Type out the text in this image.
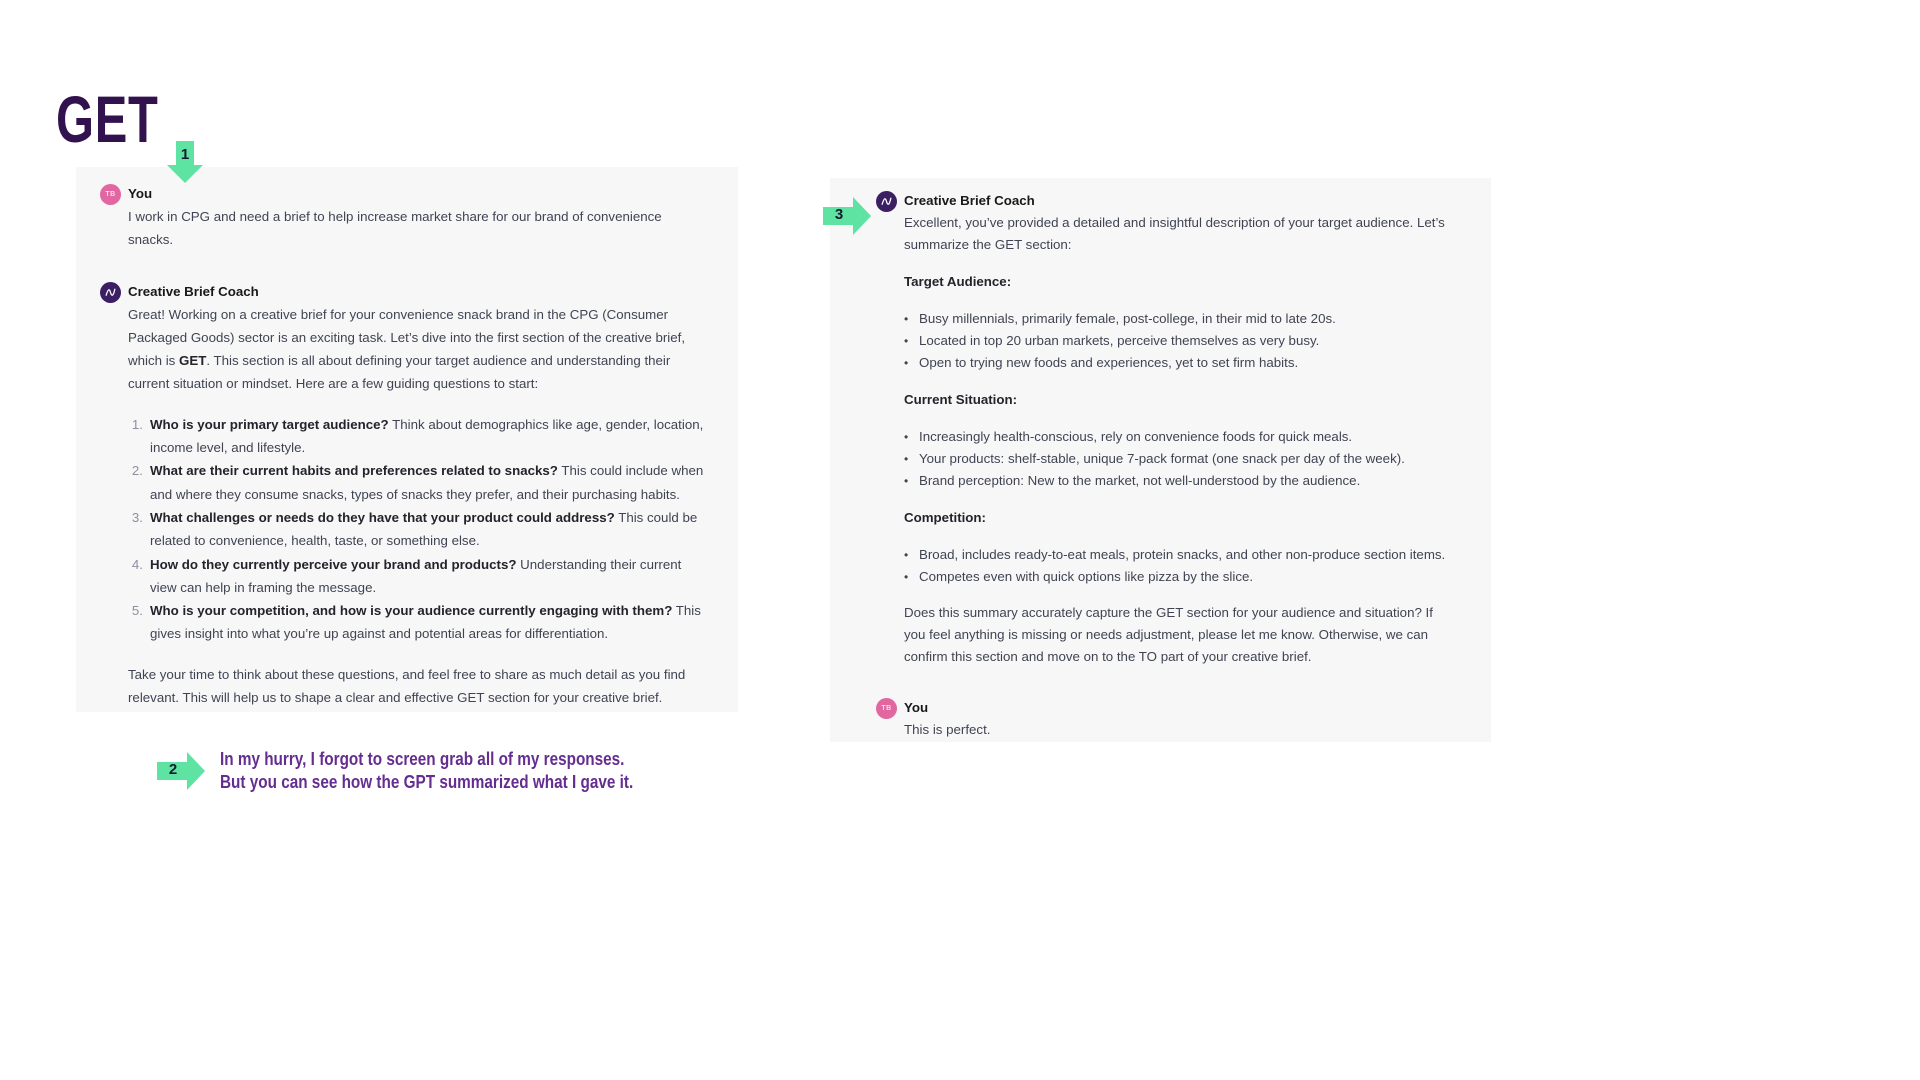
GET
TB You
I work in CPG and need a brief to help increase market share for our brand of convenience snacks.
Creative Brief Coach
Great! Working on a creative brief for your convenience snack brand in the CPG (Consumer Packaged Goods) sector is an exciting task. Let’s dive into the first section of the creative brief, which is GET. This section is all about defining your target audience and understanding their current situation or mindset. Here are a few guiding questions to start:
1. Who is your primary target audience? Think about demographics like age, gender, location, income level, and lifestyle.
2. What are their current habits and preferences related to snacks? This could include when and where they consume snacks, types of snacks they prefer, and their purchasing habits.
3. What challenges or needs do they have that your product could address? This could be related to convenience, health, taste, or something else.
4. How do they currently perceive your brand and products? Understanding their current view can help in framing the message.
5. Who is your competition, and how is your audience currently engaging with them? This gives insight into what you’re up against and potential areas for differentiation.
Take your time to think about these questions, and feel free to share as much detail as you find relevant. This will help us to shape a clear and effective GET section for your creative brief.
Creative Brief Coach
Excellent, you’ve provided a detailed and insightful description of your target audience. Let’s summarize the GET section:
Target Audience:
• Busy millennials, primarily female, post-college, in their mid to late 20s.
• Located in top 20 urban markets, perceive themselves as very busy.
• Open to trying new foods and experiences, yet to set firm habits.
Current Situation:
• Increasingly health-conscious, rely on convenience foods for quick meals.
• Your products: shelf-stable, unique 7-pack format (one snack per day of the week).
• Brand perception: New to the market, not well-understood by the audience.
Competition:
• Broad, includes ready-to-eat meals, protein snacks, and other non-produce section items.
• Competes even with quick options like pizza by the slice.
Does this summary accurately capture the GET section for your audience and situation? If you feel anything is missing or needs adjustment, please let me know. Otherwise, we can confirm this section and move on to the TO part of your creative brief.
TB You
This is perfect.
1
2
3
In my hurry, I forgot to screen grab all of my responses.
But you can see how the GPT summarized what I gave it.
